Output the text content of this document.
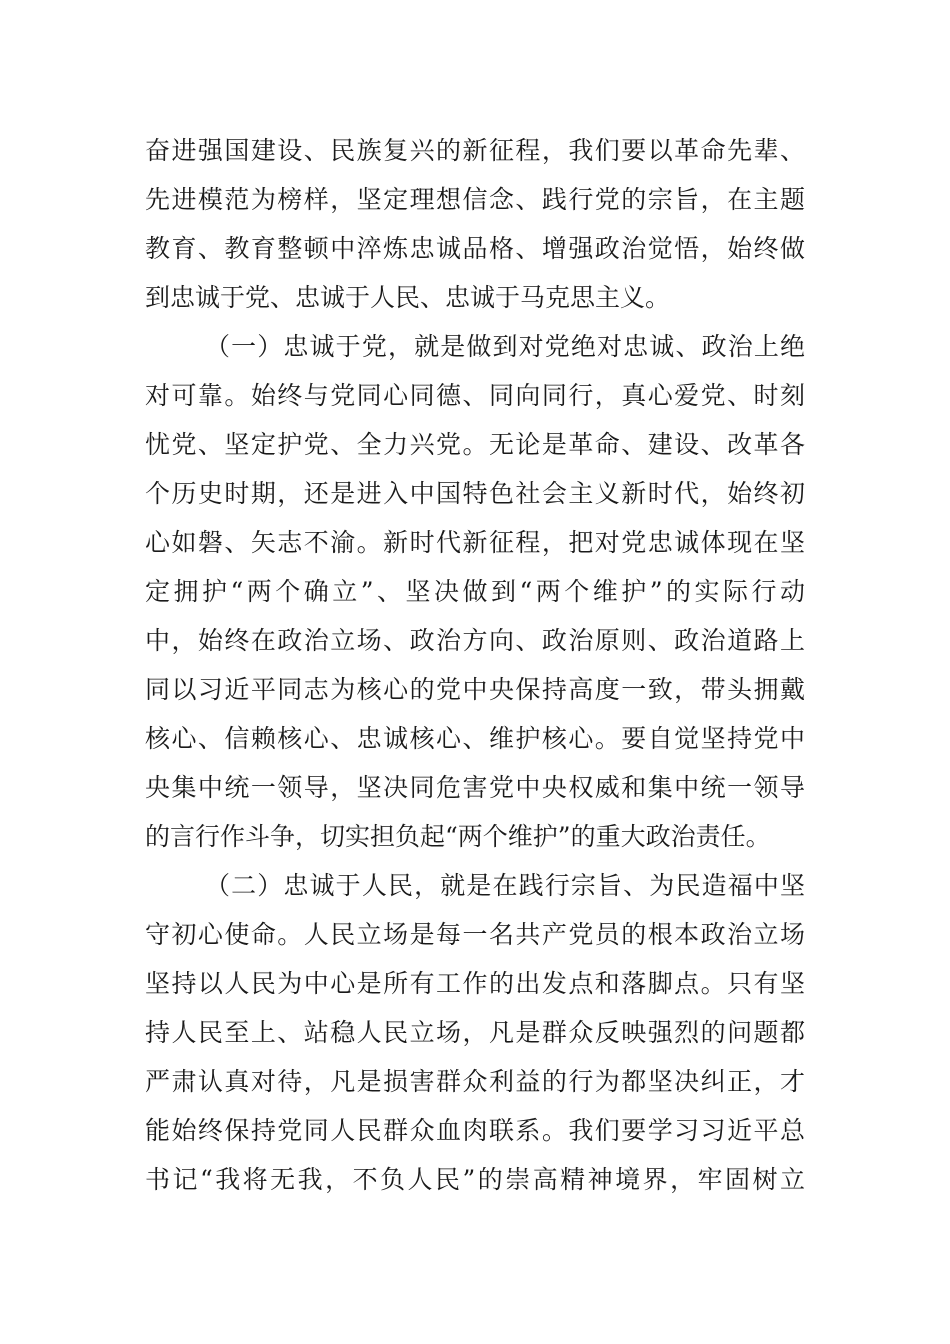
奋进强国建设、民族复兴的新征程，我们要以革命先辈、
先进模范为榜样，坚定理想信念、践行党的宗旨，在主题
教育、教育整顿中淬炼忠诚品格、增强政治觉悟，始终做
到忠诚于党、忠诚于人民、忠诚于马克思主义。
（一）忠诚于党，就是做到对党绝对忠诚、政治上绝
对可靠。始终与党同心同德、同向同行，真心爱党、时刻
忧党、坚定护党、全力兴党。无论是革命、建设、改革各
个历史时期，还是进入中国特色社会主义新时代，始终初
心如磐、矢志不渝。新时代新征程，把对党忠诚体现在坚
定拥护“两个确立”、坚决做到“两个维护”的实际行动
中，始终在政治立场、政治方向、政治原则、政治道路上
同以习近平同志为核心的党中央保持高度一致，带头拥戴
核心、信赖核心、忠诚核心、维护核心。要自觉坚持党中
央集中统一领导，坚决同危害党中央权威和集中统一领导
的言行作斗争，切实担负起“两个维护”的重大政治责任。
（二）忠诚于人民，就是在践行宗旨、为民造福中坚
守初心使命。人民立场是每一名共产党员的根本政治立场
坚持以人民为中心是所有工作的出发点和落脚点。只有坚
持人民至上、站稳人民立场，凡是群众反映强烈的问题都
严肃认真对待，凡是损害群众利益的行为都坚决纠正，才
能始终保持党同人民群众血肉联系。我们要学习习近平总
书记“我将无我，不负人民”的崇高精神境界，牢固树立
